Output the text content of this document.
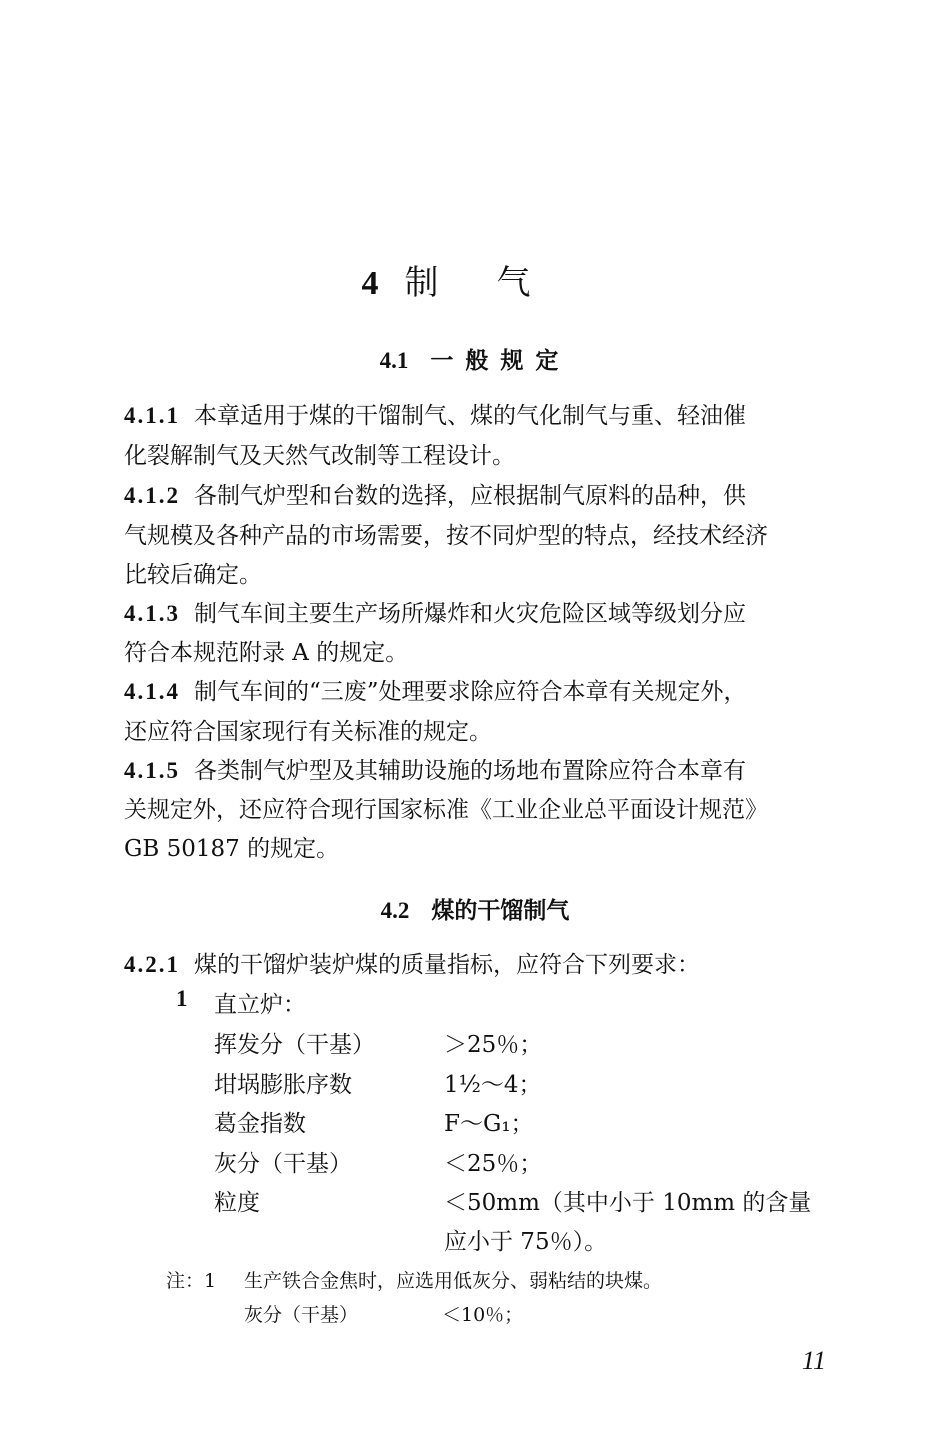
4 制气
4.1 一般规定
4.1.1 本章适用于煤的干馏制气、煤的气化制气与重、轻油催
化裂解制气及天然气改制等工程设计。
4.1.2 各制气炉型和台数的选择，应根据制气原料的品种，供
气规模及各种产品的市场需要，按不同炉型的特点，经技术经济
比较后确定。
4.1.3 制气车间主要生产场所爆炸和火灾危险区域等级划分应
符合本规范附录 A 的规定。
4.1.4 制气车间的“三废”处理要求除应符合本章有关规定外，
还应符合国家现行有关标准的规定。
4.1.5 各类制气炉型及其辅助设施的场地布置除应符合本章有
关规定外，还应符合现行国家标准《工业企业总平面设计规范》
GB 50187 的规定。
4.2 煤的干馏制气
4.2.1 煤的干馏炉装炉煤的质量指标，应符合下列要求：
1 直立炉：
挥发分（干基）	＞25％；
坩埚膨胀序数	1½～4；
葛金指数	F～G₁；
灰分（干基）	＜25％；
粒度	＜50mm（其中小于 10mm 的含量
应小于 75％）。
注：1 生产铁合金焦时，应选用低灰分、弱粘结的块煤。
灰分（干基）	＜10％；
11
